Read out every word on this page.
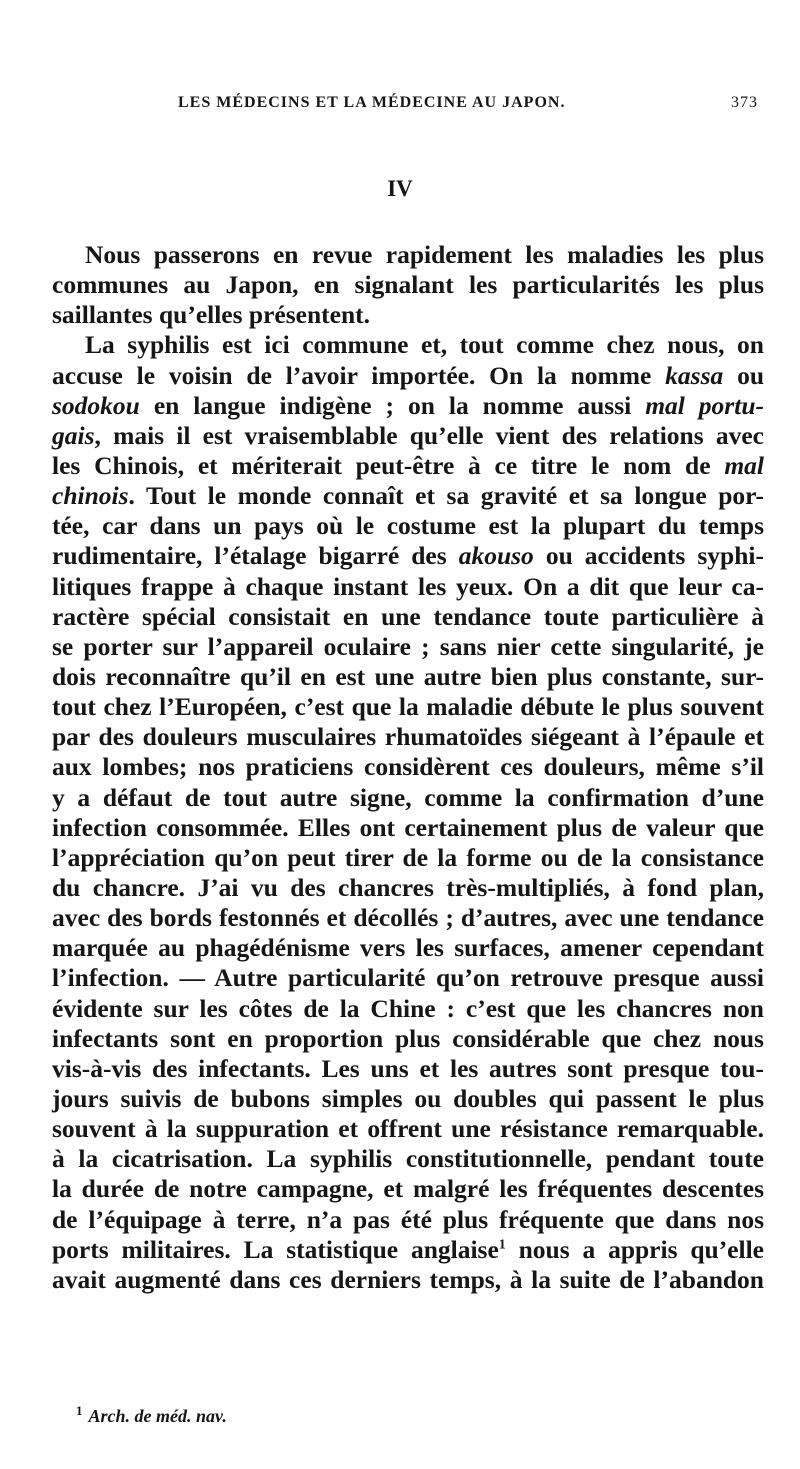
LES MÉDECINS ET LA MÉDECINE AU JAPON.	373
IV
Nous passerons en revue rapidement les maladies les plus
communes au Japon, en signalant les particularités les plus
saillantes qu’elles présentent.
La syphilis est ici commune et, tout comme chez nous, on
accuse le voisin de l’avoir importée. On la nomme kassa ou
sodokou en langue indigène ; on la nomme aussi mal portu-
gais, mais il est vraisemblable qu’elle vient des relations avec
les Chinois, et mériterait peut-être à ce titre le nom de mal
chinois. Tout le monde connaît et sa gravité et sa longue por-
tée, car dans un pays où le costume est la plupart du temps
rudimentaire, l’étalage bigarré des akouso ou accidents syphi-
litiques frappe à chaque instant les yeux. On a dit que leur ca-
ractère spécial consistait en une tendance toute particulière à
se porter sur l’appareil oculaire ; sans nier cette singularité, je
dois reconnaître qu’il en est une autre bien plus constante, sur-
tout chez l’Européen, c’est que la maladie débute le plus souvent
par des douleurs musculaires rhumatoïdes siégeant à l’épaule et
aux lombes; nos praticiens considèrent ces douleurs, même s’il
y a défaut de tout autre signe, comme la confirmation d’une
infection consommée. Elles ont certainement plus de valeur que
l’appréciation qu’on peut tirer de la forme ou de la consistance
du chancre. J’ai vu des chancres très-multipliés, à fond plan,
avec des bords festonnés et décollés ; d’autres, avec une tendance
marquée au phagédénisme vers les surfaces, amener cependant
l’infection. — Autre particularité qu’on retrouve presque aussi
évidente sur les côtes de la Chine : c’est que les chancres non
infectants sont en proportion plus considérable que chez nous
vis-à-vis des infectants. Les uns et les autres sont presque tou-
jours suivis de bubons simples ou doubles qui passent le plus
souvent à la suppuration et offrent une résistance remarquable.
à la cicatrisation. La syphilis constitutionnelle, pendant toute
la durée de notre campagne, et malgré les fréquentes descentes
de l’équipage à terre, n’a pas été plus fréquente que dans nos
ports militaires. La statistique anglaise$^1$ nous a appris qu’elle
avait augmenté dans ces derniers temps, à la suite de l’abandon
$^1$ Arch. de méd. nav.
